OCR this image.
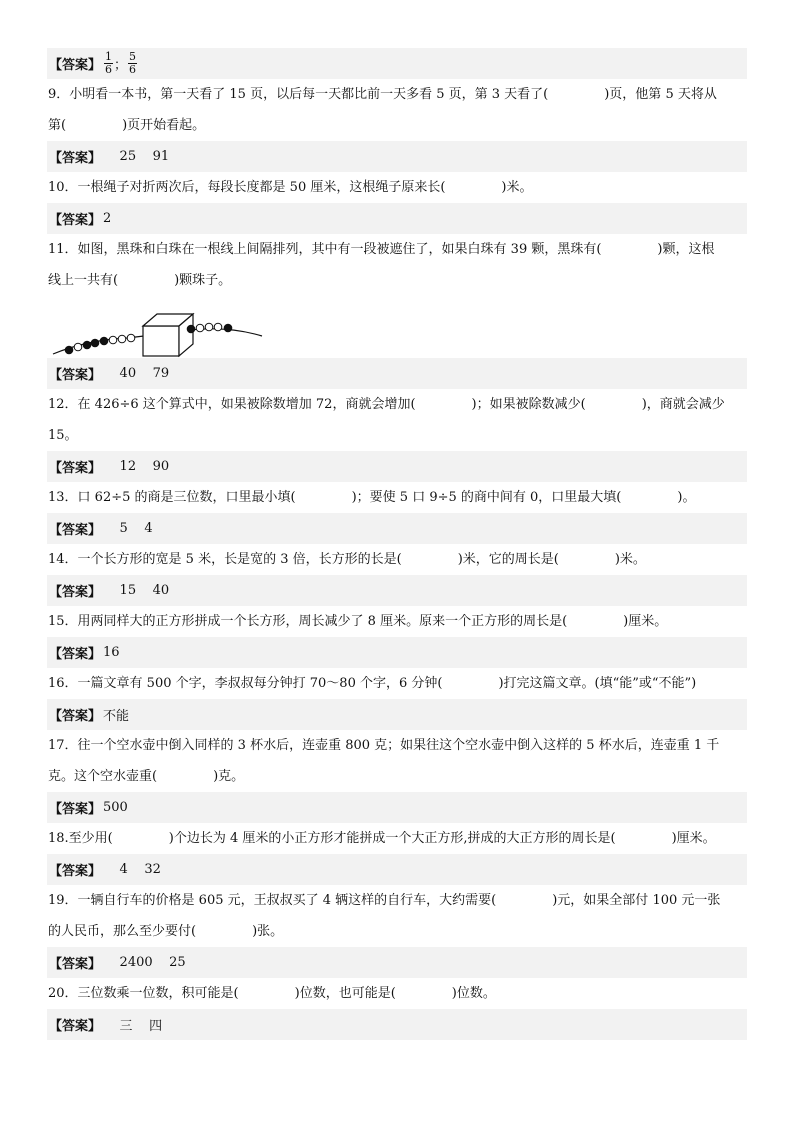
【答案】 $\frac{1}{6}$ ； $\frac{5}{6}$
9．小明看一本书，第一天看了 15 页，以后每一天都比前一天多看 5 页，第 3 天看了(	)页，他第 5 天将从
第(	)页开始看起。
【答案】 25    91
10．一根绳子对折两次后，每段长度都是 50 厘米，这根绳子原来长(	)米。
【答案】 2
11．如图，黑珠和白珠在一根线上间隔排列，其中有一段被遮住了，如果白珠有 39 颗，黑珠有(	)颗，这根
线上一共有(	)颗珠子。
【答案】 40    79
12．在 426÷6 这个算式中，如果被除数增加 72，商就会增加(	)；如果被除数减少(	)，商就会减少
15。
【答案】 12    90
13．口 62÷5 的商是三位数，口里最小填(	)；要使 5 口 9÷5 的商中间有 0，口里最大填(	)。
【答案】 5    4
14．一个长方形的宽是 5 米，长是宽的 3 倍，长方形的长是(	)米，它的周长是(	)米。
【答案】 15    40
15．用两同样大的正方形拼成一个长方形，周长减少了 8 厘米。原来一个正方形的周长是(	)厘米。
【答案】 16
16．一篇文章有 500 个字，李叔叔每分钟打 70～80 个字，6 分钟(	)打完这篇文章。(填“能”或“不能”)
【答案】 不能
17．往一个空水壶中倒入同样的 3 杯水后，连壶重 800 克；如果往这个空水壶中倒入这样的 5 杯水后，连壶重 1 千
克。这个空水壶重(	)克。
【答案】 500
18.至少用(	)个边长为 4 厘米的小正方形才能拼成一个大正方形,拼成的大正方形的周长是(	)厘米。
【答案】 4    32
19．一辆自行车的价格是 605 元，王叔叔买了 4 辆这样的自行车，大约需要(	)元，如果全部付 100 元一张
的人民币，那么至少要付(	)张。
【答案】 2400    25
20．三位数乘一位数，积可能是(	)位数，也可能是(	)位数。
【答案】 三    四
